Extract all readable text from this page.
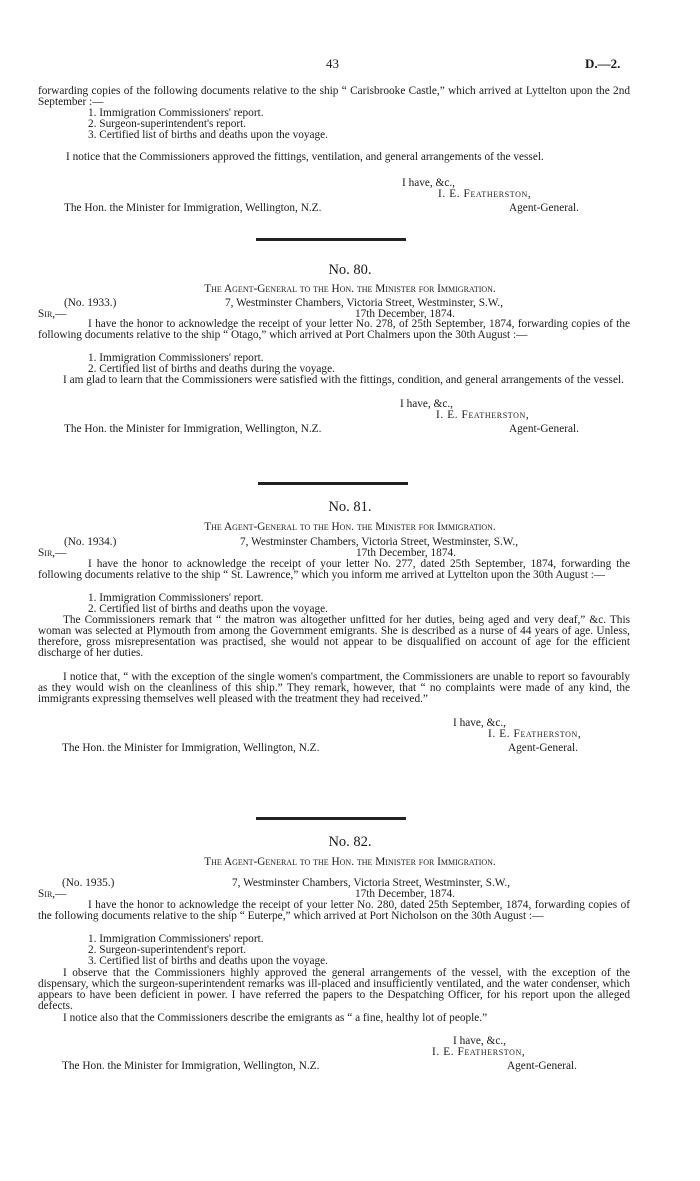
43	D.—2.

forwarding copies of the following documents relative to the ship “ Carisbrooke Castle,” which arrived at Lyttelton upon the 2nd September :—

1. Immigration Commissioners' report.

2. Surgeon-superintendent's report.

3. Certified list of births and deaths upon the voyage.

I notice that the Commissioners approved the fittings, ventilation, and general arrangements of the vessel.

I have, &c.,
I. E. Featherston,
The Hon. the Minister for Immigration, Wellington, N.Z.	Agent-General.
No. 80.
The Agent-General to the Hon. the Minister for Immigration.
(No. 1933.)	7, Westminster Chambers, Victoria Street, Westminster, S.W.,
Sir,—	17th December, 1874.

I have the honor to acknowledge the receipt of your letter No. 278, of 25th September, 1874, forwarding copies of the following documents relative to the ship “ Otago,” which arrived at Port Chalmers upon the 30th August :—

1. Immigration Commissioners' report.

2. Certified list of births and deaths during the voyage.

I am glad to learn that the Commissioners were satisfied with the fittings, condition, and general arrangements of the vessel.

I have, &c.,
I. E. Featherston,
The Hon. the Minister for Immigration, Wellington, N.Z.	Agent-General.
No. 81.
The Agent-General to the Hon. the Minister for Immigration.
(No. 1934.)	7, Westminster Chambers, Victoria Street, Westminster, S.W.,
Sir,—	17th December, 1874.

I have the honor to acknowledge the receipt of your letter No. 277, dated 25th September, 1874, forwarding the following documents relative to the ship “ St. Lawrence,” which you inform me arrived at Lyttelton upon the 30th August :—

1. Immigration Commissioners' report.

2. Certified list of births and deaths upon the voyage.

The Commissioners remark that “ the matron was altogether unfitted for her duties, being aged and very deaf,” &c. This woman was selected at Plymouth from among the Government emigrants. She is described as a nurse of 44 years of age. Unless, therefore, gross misrepresentation was practised, she would not appear to be disqualified on account of age for the efficient discharge of her duties.

I notice that, “ with the exception of the single women's compartment, the Commissioners are unable to report so favourably as they would wish on the cleanliness of this ship.” They remark, however, that “ no complaints were made of any kind, the immigrants expressing themselves well pleased with the treatment they had received.”

I have, &c.,
I. E. Featherston,
The Hon. the Minister for Immigration, Wellington, N.Z.	Agent-General.
No. 82.
The Agent-General to the Hon. the Minister for Immigration.
(No. 1935.)	7, Westminster Chambers, Victoria Street, Westminster, S.W.,
Sir,—	17th December, 1874.

I have the honor to acknowledge the receipt of your letter No. 280, dated 25th September, 1874, forwarding copies of the following documents relative to the ship “ Euterpe,” which arrived at Port Nicholson on the 30th August :—

1. Immigration Commissioners' report.

2. Surgeon-superintendent's report.

3. Certified list of births and deaths upon the voyage.

I observe that the Commissioners highly approved the general arrangements of the vessel, with the exception of the dispensary, which the surgeon-superintendent remarks was ill-placed and insufficiently ventilated, and the water condenser, which appears to have been deficient in power. I have referred the papers to the Despatching Officer, for his report upon the alleged defects.

I notice also that the Commissioners describe the emigrants as “ a fine, healthy lot of people.”

I have, &c.,
I. E. Featherston,
The Hon. the Minister for Immigration, Wellington, N.Z.	Agent-General.
